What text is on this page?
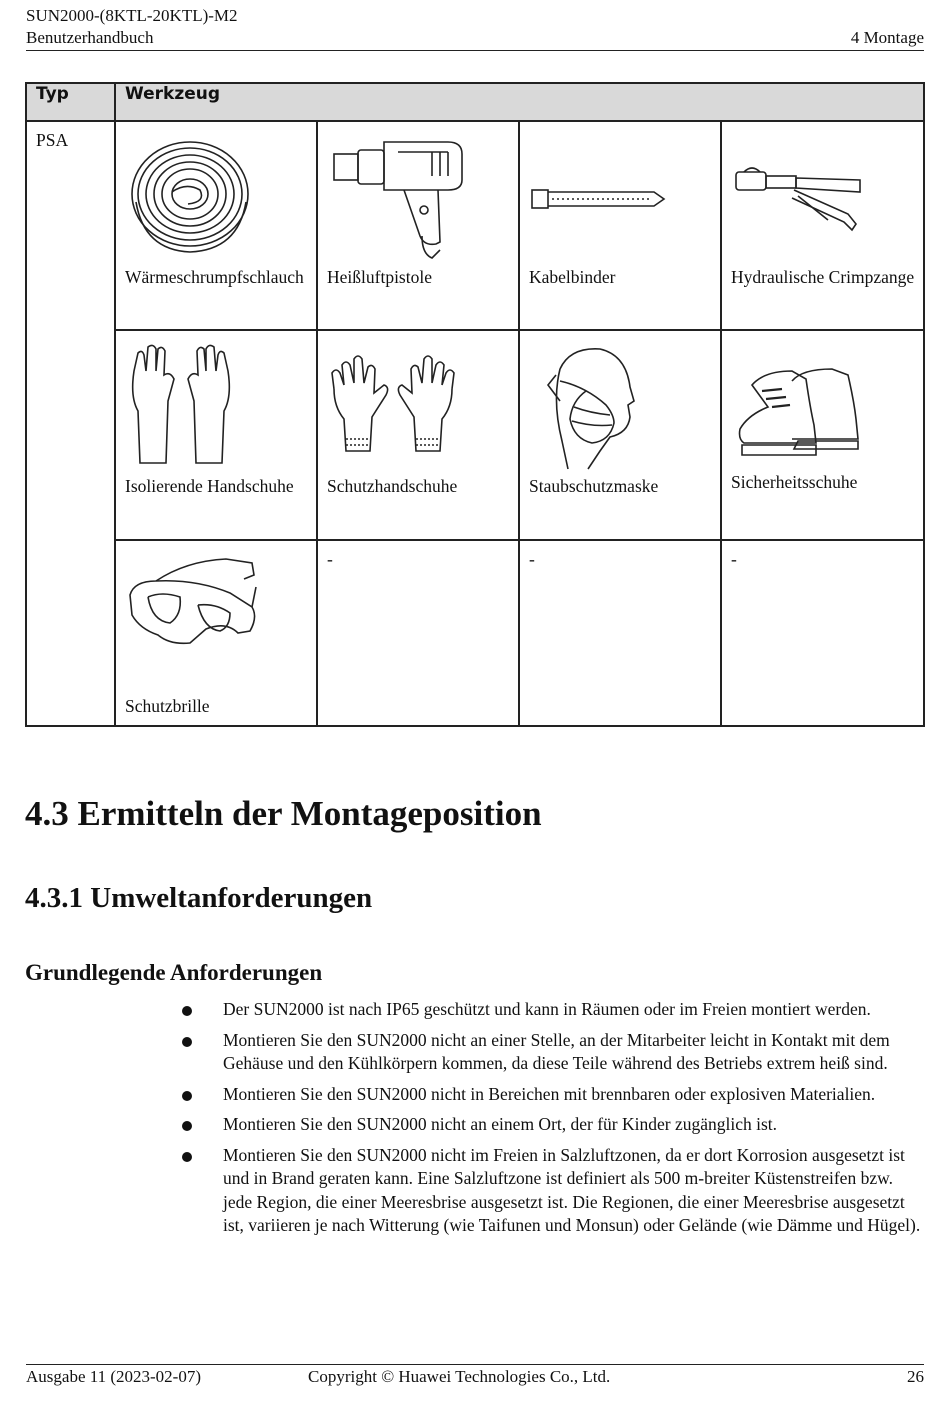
SUN2000-(8KTL-20KTL)-M2
Benutzerhandbuch	4 Montage
Typ	Werkzeug			
PSA	Wärmeschrumpfschlauch	Heißluftpistole	Kabelbinder	Hydraulische Crimpzange

	Isolierende Handschuhe	Schutzhandschuhe	Staubschutzmaske	Sicherheitsschuhe

	Schutzbrille	-	-	-
4.3 Ermitteln der Montageposition
4.3.1 Umweltanforderungen
Grundlegende Anforderungen
Der SUN2000 ist nach IP65 geschützt und kann in Räumen oder im Freien montiert werden.
Montieren Sie den SUN2000 nicht an einer Stelle, an der Mitarbeiter leicht in Kontakt mit dem Gehäuse und den Kühlkörpern kommen, da diese Teile während des Betriebs extrem heiß sind.
Montieren Sie den SUN2000 nicht in Bereichen mit brennbaren oder explosiven Materialien.
Montieren Sie den SUN2000 nicht an einem Ort, der für Kinder zugänglich ist.
Montieren Sie den SUN2000 nicht im Freien in Salzluftzonen, da er dort Korrosion ausgesetzt ist und in Brand geraten kann. Eine Salzluftzone ist definiert als 500 m-breiter Küstenstreifen bzw. jede Region, die einer Meeresbrise ausgesetzt ist. Die Regionen, die einer Meeresbrise ausgesetzt ist, variieren je nach Witterung (wie Taifunen und Monsun) oder Gelände (wie Dämme und Hügel).
Ausgabe 11 (2023-02-07)	Copyright © Huawei Technologies Co., Ltd.	26
